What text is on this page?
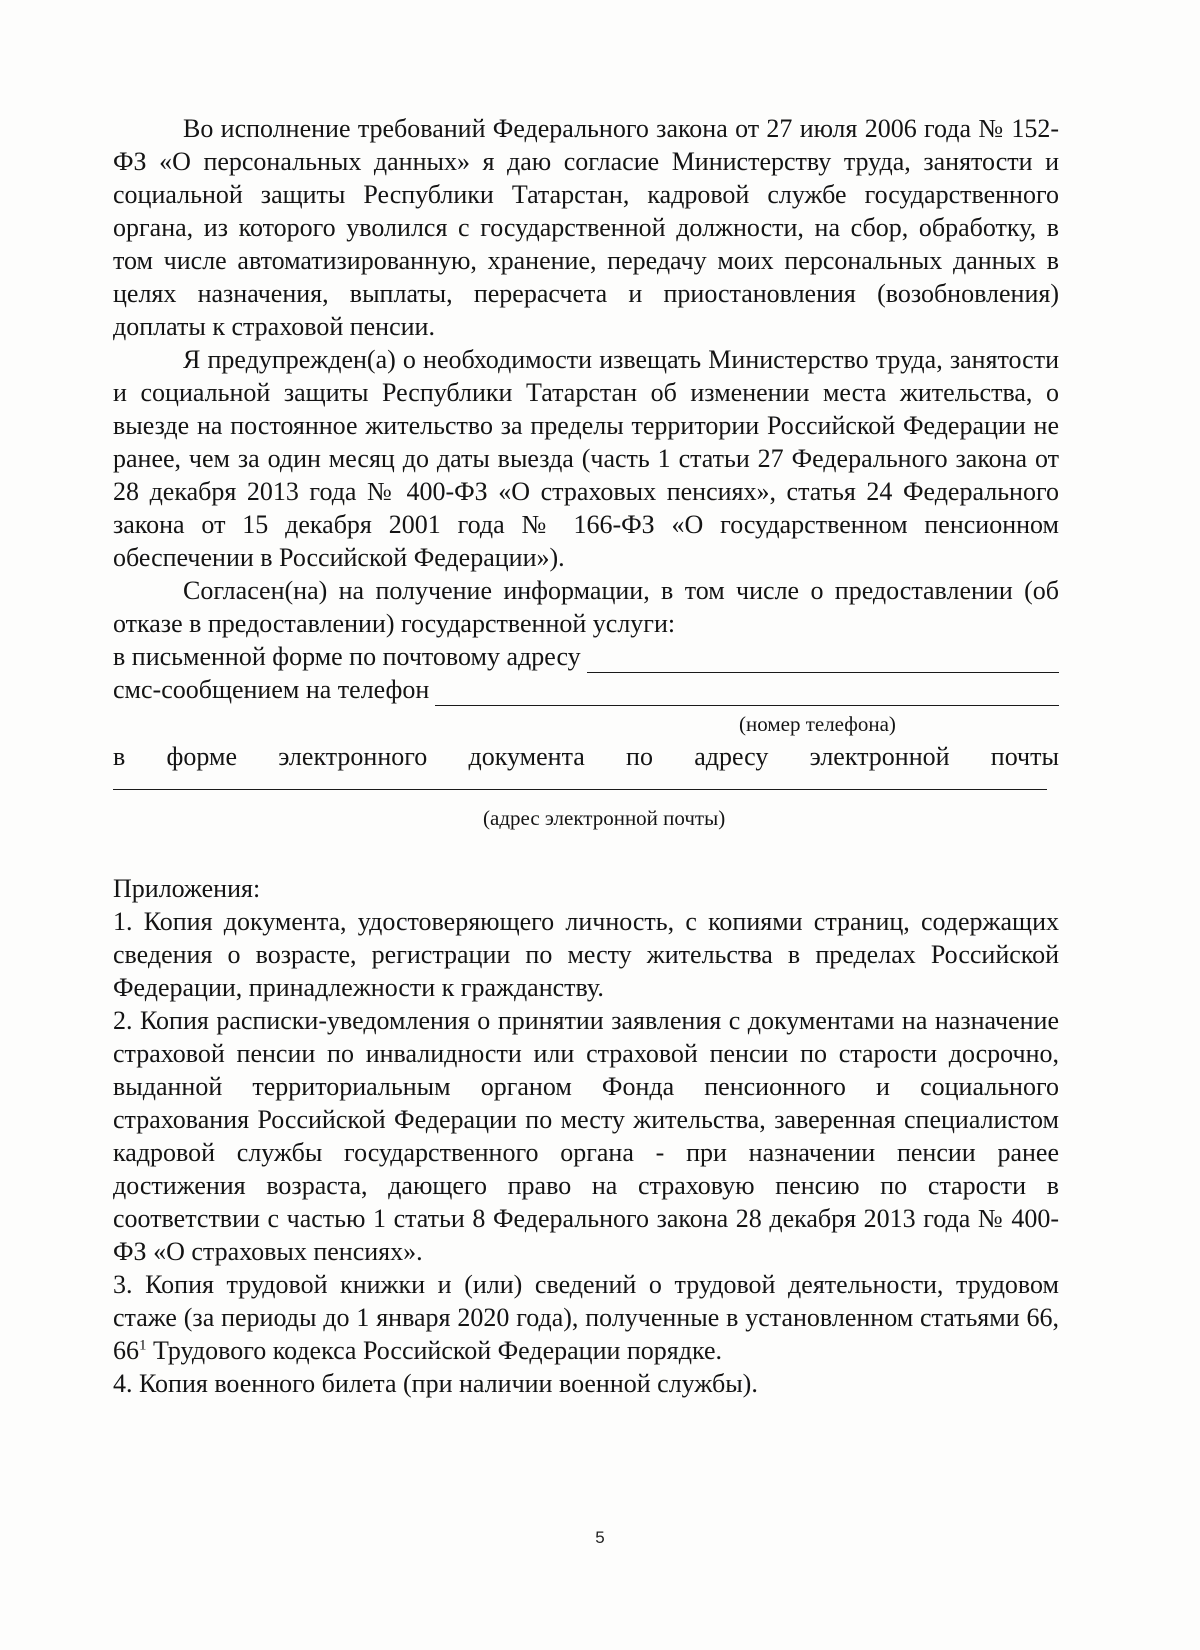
Во исполнение требований Федерального закона от 27 июля 2006 года № 152-ФЗ «О персональных данных» я даю согласие Министерству труда, занятости и социальной защиты Республики Татарстан, кадровой службе государственного органа, из которого уволился с государственной должности, на сбор, обработку, в том числе автоматизированную, хранение, передачу моих персональных данных в целях назначения, выплаты, перерасчета и приостановления (возобновления) доплаты к страховой пенсии.

Я предупрежден(а) о необходимости извещать Министерство труда, занятости и социальной защиты Республики Татарстан об изменении места жительства, о выезде на постоянное жительство за пределы территории Российской Федерации не ранее, чем за один месяц до даты выезда (часть 1 статьи 27 Федерального закона от 28 декабря 2013 года № 400-ФЗ «О страховых пенсиях», статья 24 Федерального закона от 15 декабря 2001 года № 166-ФЗ «О государственном пенсионном обеспечении в Российской Федерации»).

Согласен(на) на получение информации, в том числе о предоставлении (об отказе в предоставлении) государственной услуги:

в письменной форме по почтовому адресу
смс-сообщением на телефон
(номер телефона)
в форме электронного документа по адресу электронной почты
(адрес электронной почты)

Приложения:

1. Копия документа, удостоверяющего личность, с копиями страниц, содержащих сведения о возрасте, регистрации по месту жительства в пределах Российской Федерации, принадлежности к гражданству.

2. Копия расписки-уведомления о принятии заявления с документами на назначение страховой пенсии по инвалидности или страховой пенсии по старости досрочно, выданной территориальным органом Фонда пенсионного и социального страхования Российской Федерации по месту жительства, заверенная специалистом кадровой службы государственного органа - при назначении пенсии ранее достижения возраста, дающего право на страховую пенсию по старости в соответствии с частью 1 статьи 8 Федерального закона 28 декабря 2013 года № 400-ФЗ «О страховых пенсиях».

3. Копия трудовой книжки и (или) сведений о трудовой деятельности, трудовом стаже (за периоды до 1 января 2020 года), полученные в установленном статьями 66, $66^1$ Трудового кодекса Российской Федерации порядке.

4. Копия военного билета (при наличии военной службы).

5
